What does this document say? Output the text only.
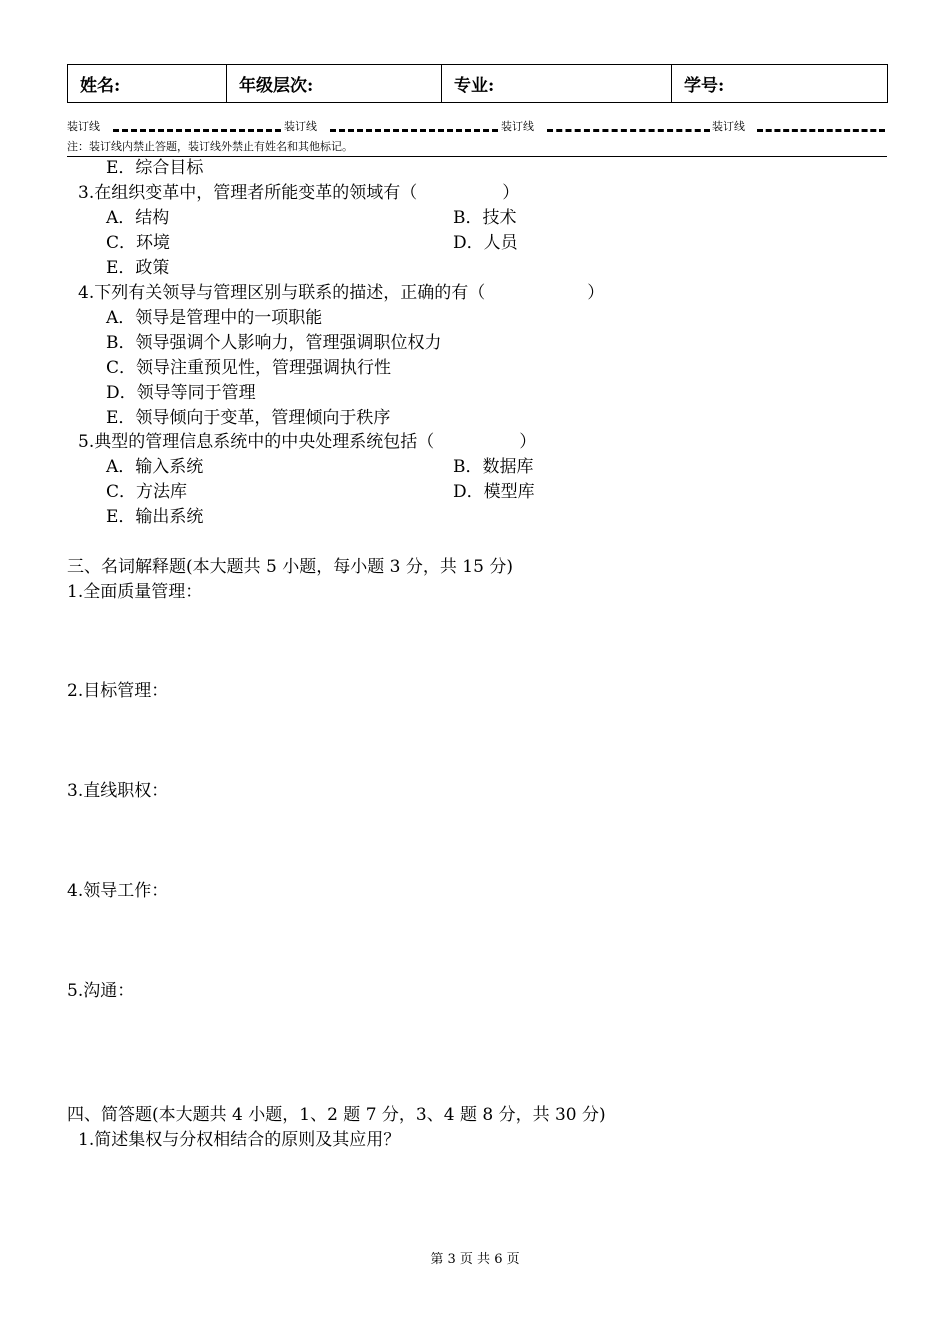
姓名:	年级层次:	专业:	学号:
装订线	装订线	装订线	装订线
注：装订线内禁止答题，装订线外禁止有姓名和其他标记。
E．综合目标
3.在组织变革中，管理者所能变革的领域有（　　　　　）
A．结构	B．技术
C．环境	D．人员
E．政策
4.下列有关领导与管理区别与联系的描述，正确的有（　　　　　　）
A．领导是管理中的一项职能
B．领导强调个人影响力，管理强调职位权力
C．领导注重预见性，管理强调执行性
D．领导等同于管理
E．领导倾向于变革，管理倾向于秩序
5.典型的管理信息系统中的中央处理系统包括（　　　　　）
A．输入系统	B．数据库
C．方法库	D．模型库
E．输出系统
三、名词解释题(本大题共 5 小题，每小题 3 分，共 15 分)
1.全面质量管理：
2.目标管理：
3.直线职权：
4.领导工作：
5.沟通：
四、简答题(本大题共 4 小题，1、2 题 7 分，3、4 题 8 分，共 30 分)
1.简述集权与分权相结合的原则及其应用？
第 3 页 共 6 页
